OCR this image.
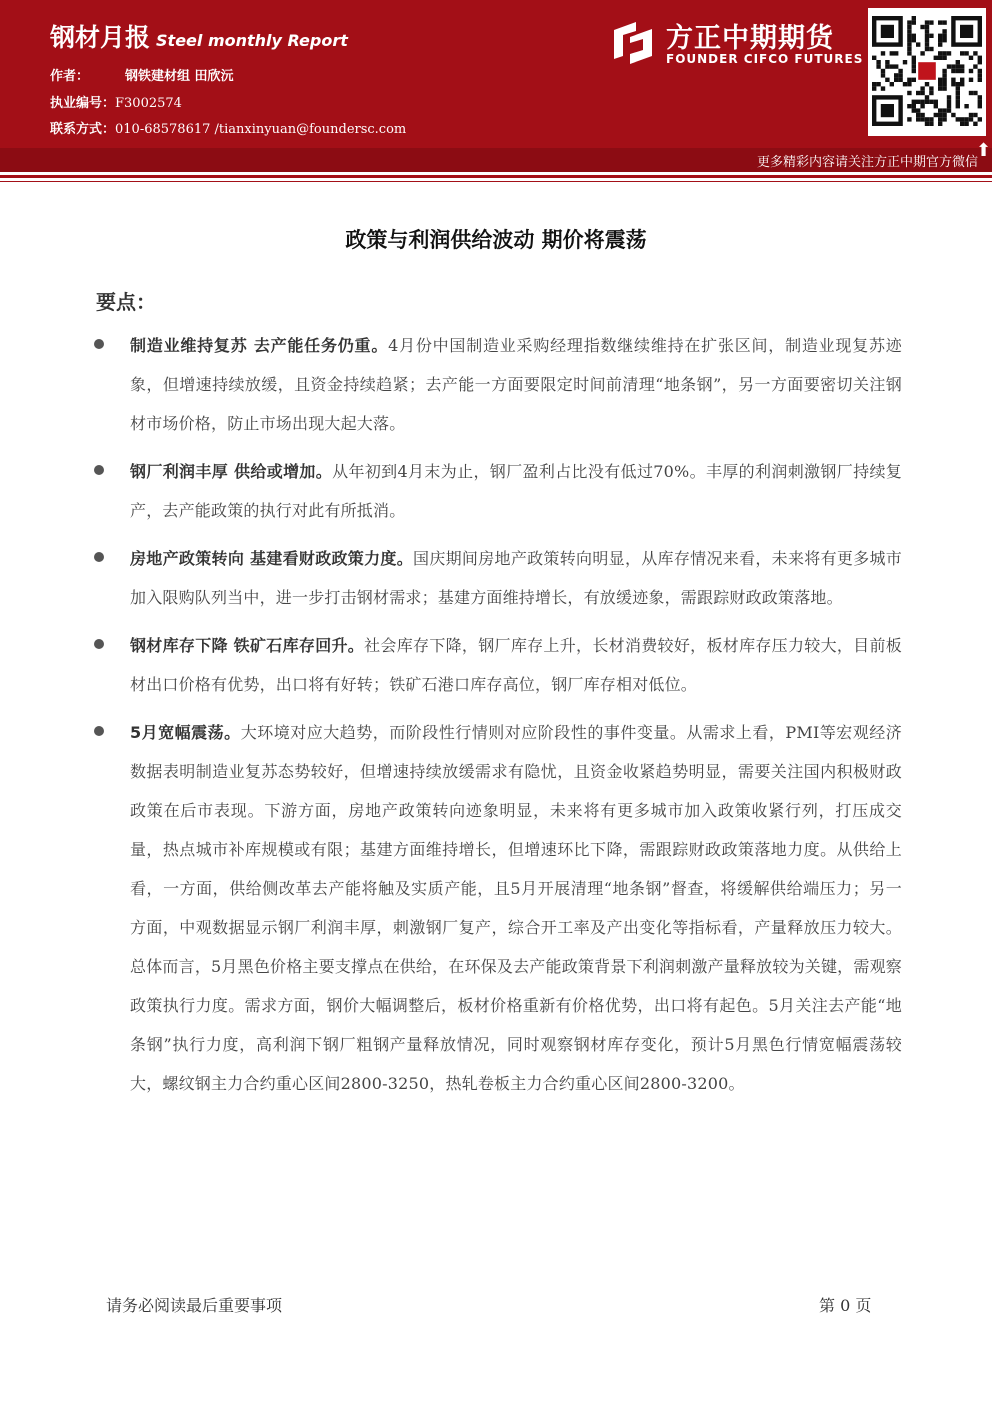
钢材月报 Steel monthly Report
作者：	钢铁建材组 田欣沅
执业编号：F3002574
联系方式：010-68578617 /tianxinyuan@foundersc.com
方正中期期货
FOUNDER CIFCO FUTURES
更多精彩内容请关注方正中期官方微信
⬆
政策与利润供给波动 期价将震荡
要点：

制造业维持复苏 去产能任务仍重。4月份中国制造业采购经理指数继续维持在扩张区间，制造业现复苏迹象，但增速持续放缓，且资金持续趋紧；去产能一方面要限定时间前清理“地条钢”，另一方面要密切关注钢材市场价格，防止市场出现大起大落。

钢厂利润丰厚 供给或增加。从年初到4月末为止，钢厂盈利占比没有低过70%。丰厚的利润刺激钢厂持续复产，去产能政策的执行对此有所抵消。

房地产政策转向 基建看财政政策力度。国庆期间房地产政策转向明显，从库存情况来看，未来将有更多城市加入限购队列当中，进一步打击钢材需求；基建方面维持增长，有放缓迹象，需跟踪财政政策落地。

钢材库存下降 铁矿石库存回升。社会库存下降，钢厂库存上升，长材消费较好，板材库存压力较大，目前板材出口价格有优势，出口将有好转；铁矿石港口库存高位，钢厂库存相对低位。

5月宽幅震荡。大环境对应大趋势，而阶段性行情则对应阶段性的事件变量。从需求上看，PMI等宏观经济数据表明制造业复苏态势较好，但增速持续放缓需求有隐忧，且资金收紧趋势明显，需要关注国内积极财政政策在后市表现。下游方面，房地产政策转向迹象明显，未来将有更多城市加入政策收紧行列，打压成交量，热点城市补库规模或有限；基建方面维持增长，但增速环比下降，需跟踪财政政策落地力度。从供给上看，一方面，供给侧改革去产能将触及实质产能，且5月开展清理“地条钢”督查，将缓解供给端压力；另一方面，中观数据显示钢厂利润丰厚，刺激钢厂复产，综合开工率及产出变化等指标看，产量释放压力较大。总体而言，5月黑色价格主要支撑点在供给，在环保及去产能政策背景下利润刺激产量释放较为关键，需观察政策执行力度。需求方面，钢价大幅调整后，板材价格重新有价格优势，出口将有起色。5月关注去产能“地条钢”执行力度，高利润下钢厂粗钢产量释放情况，同时观察钢材库存变化，预计5月黑色行情宽幅震荡较大，螺纹钢主力合约重心区间2800-3250，热轧卷板主力合约重心区间2800-3200。

请务必阅读最后重要事项	第 0 页
